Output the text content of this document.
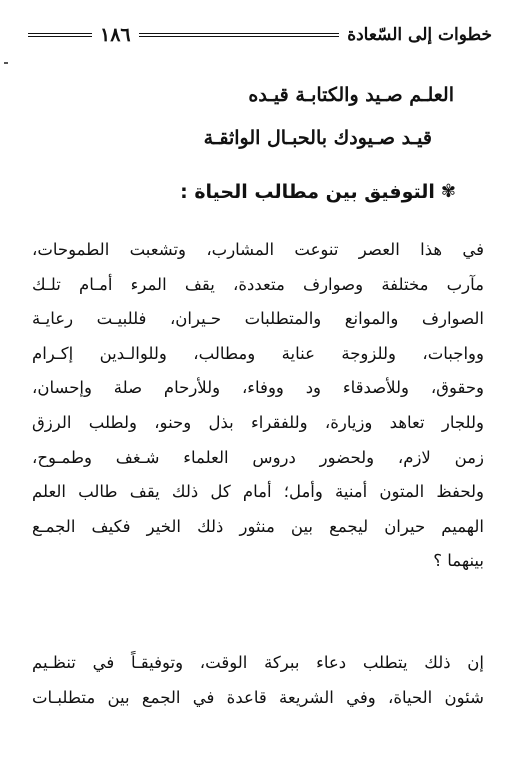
خطوات إلى السّعادة
١٨٦
العلـم صـيد والكتابـة قيـده
قيـد صـيودك بالحبـال الواثقـة
✾
التوفيق بين مطالب الحياة :
في هذا العصر تنوعت المشارب، وتشعبت الطموحات،
مآرب مختلفة وصوارف متعددة، يقف المرء أمـام تلـك
الصوارف والموانع والمتطلبات حـيران، فللبيـت رعايـة
وواجبات، وللزوجة عناية ومطالب، وللوالـدين إكـرام
وحقوق، وللأصدقاء ود ووفاء، وللأرحام صلة وإحسان،
وللجار تعاهد وزيارة، وللفقراء بذل وحنو، ولطلب الرزق
زمن لازم، ولحضور دروس العلماء شـغف وطمـوح،
ولحفظ المتون أمنية وأمل؛ أمام كل ذلك يقف طالب العلم
الهميم حيران ليجمع بين منثور ذلك الخير فكيف الجمـع
بينهما ؟
إن ذلك يتطلب دعاء ببركة الوقت، وتوفيقـاً في تنظـيم
شئون الحياة، وفي الشريعة قاعدة في الجمع بين متطلبـات
